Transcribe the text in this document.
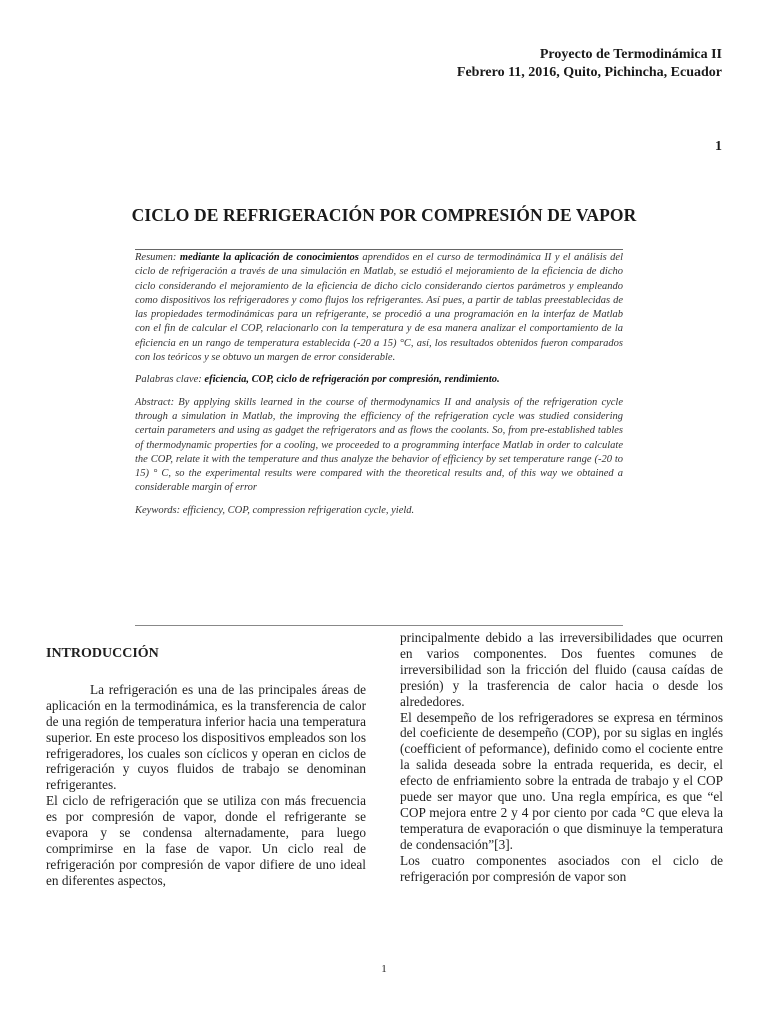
Proyecto de Termodinámica II
Febrero 11, 2016, Quito, Pichincha, Ecuador
1
CICLO DE REFRIGERACIÓN POR COMPRESIÓN DE VAPOR

Resumen: mediante la aplicación de conocimientos aprendidos en el curso de termodinámica II y el análisis del ciclo de refrigeración a través de una simulación en Matlab, se estudió el mejoramiento de la eficiencia de dicho ciclo considerando el mejoramiento de la eficiencia de dicho ciclo considerando ciertos parámetros y empleando como dispositivos los refrigeradores y como flujos los refrigerantes. Así pues, a partir de tablas preestablecidas de las propiedades termodinámicas para un refrigerante, se procedió a una programación en la interfaz de Matlab con el fin de calcular el COP, relacionarlo con la temperatura y de esa manera analizar el comportamiento de la eficiencia en un rango de temperatura establecida (-20 a 15) °C, así, los resultados obtenidos fueron comparados con los teóricos y se obtuvo un margen de error considerable.

Palabras clave: eficiencia, COP, ciclo de refrigeración por compresión, rendimiento.

Abstract: By applying skills learned in the course of thermodynamics II and analysis of the refrigeration cycle through a simulation in Matlab, the improving the efficiency of the refrigeration cycle was studied considering certain parameters and using as gadget the refrigerators and as flows the coolants. So, from pre-established tables of thermodynamic properties for a cooling, we proceeded to a programming interface Matlab in order to calculate the COP, relate it with the temperature and thus analyze the behavior of efficiency by set temperature range (-20 to 15) ° C, so the experimental results were compared with the theoretical results and, of this way we obtained a considerable margin of error

Keywords: efficiency, COP, compression refrigeration cycle, yield.

INTRODUCCIÓN

La refrigeración es una de las principales áreas de aplicación en la termodinámica, es la transferencia de calor de una región de temperatura inferior hacia una temperatura superior. En este proceso los dispositivos empleados son los refrigeradores, los cuales son cíclicos y operan en ciclos de refrigeración y cuyos fluidos de trabajo se denominan refrigerantes.

El ciclo de refrigeración que se utiliza con más frecuencia es por compresión de vapor, donde el refrigerante se evapora y se condensa alternadamente, para luego comprimirse en la fase de vapor. Un ciclo real de refrigeración por compresión de vapor difiere de uno ideal en diferentes aspectos,

principalmente debido a las irreversibilidades que ocurren en varios componentes. Dos fuentes comunes de irreversibilidad son la fricción del fluido (causa caídas de presión) y la trasferencia de calor hacia o desde los alrededores.

El desempeño de los refrigeradores se expresa en términos del coeficiente de desempeño (COP), por su siglas en inglés (coefficient of peformance), definido como el cociente entre la salida deseada sobre la entrada requerida, es decir, el efecto de enfriamiento sobre la entrada de trabajo y el COP puede ser mayor que uno. Una regla empírica, es que “el COP mejora entre 2 y 4 por ciento por cada °C que eleva la temperatura de evaporación o que disminuye la temperatura de condensación”[3].

Los cuatro componentes asociados con el ciclo de refrigeración por compresión de vapor son

1
